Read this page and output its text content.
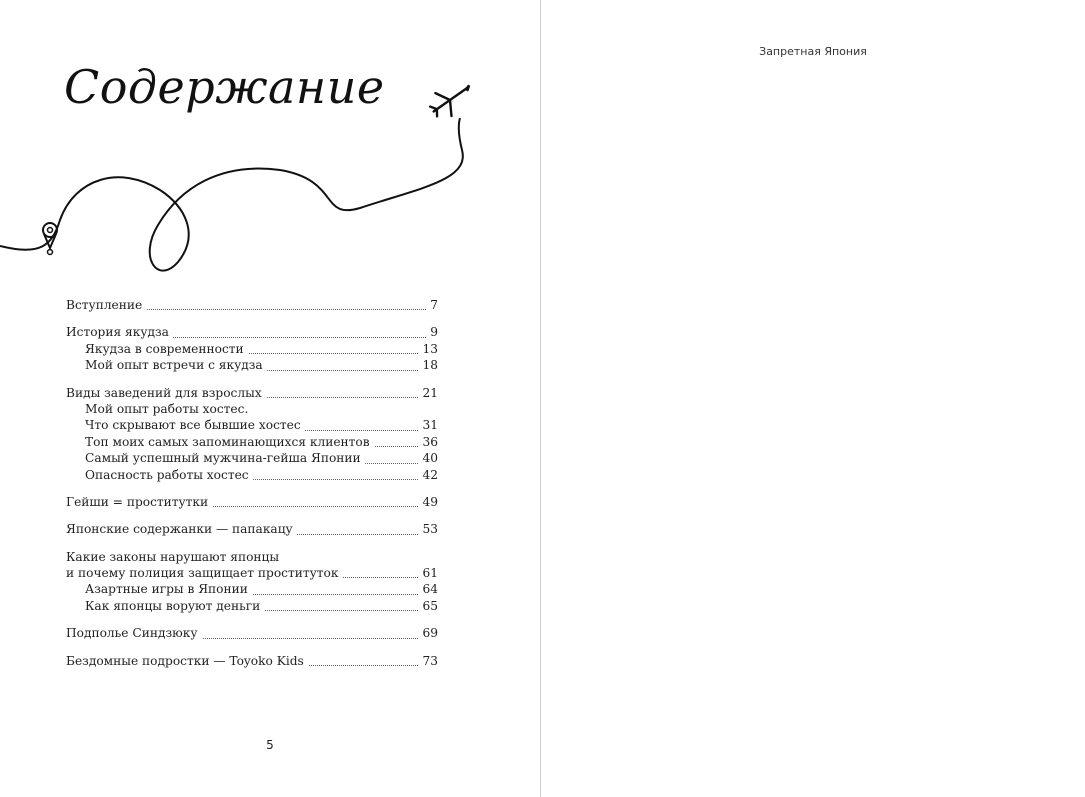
Содержание
Вступление	7
История якудза	9
Якудза в современности	13
Мой опыт встречи с якудза	18
Виды заведений для взрослых	21
Мой опыт работы хостес.
Что скрывают все бывшие хостес	31
Топ моих самых запоминающихся клиентов	36
Самый успешный мужчина-гейша Японии	40
Опасность работы хостес	42
Гейши = проститутки	49
Японские содержанки — папакацу	53
Какие законы нарушают японцы
и почему полиция защищает проституток	61
Азартные игры в Японии	64
Как японцы воруют деньги	65
Подполье Синдзюку	69
Бездомные подростки — Toyoko Kids	73
5
Запретная Япония
